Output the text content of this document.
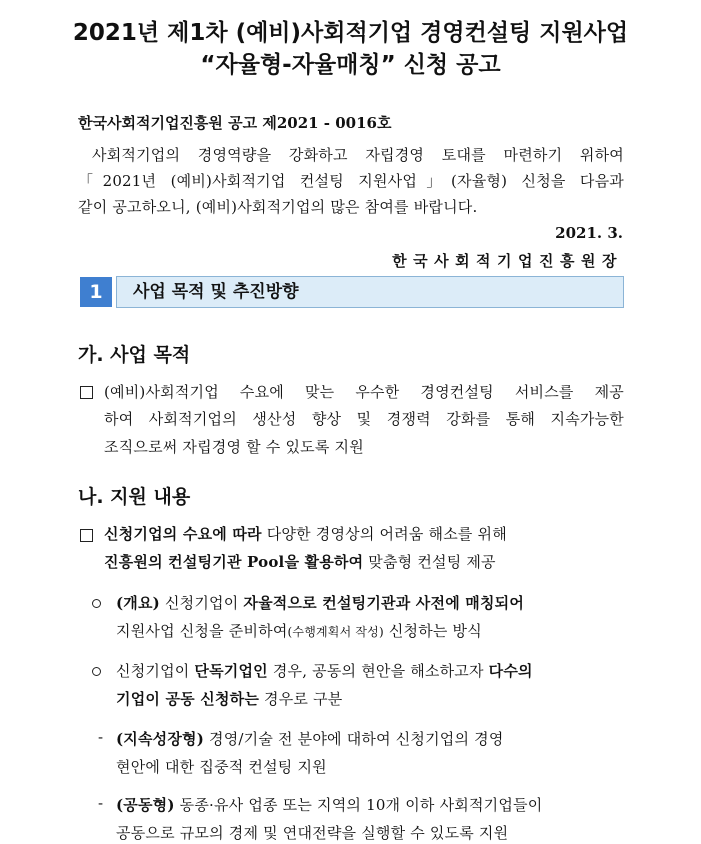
2021년 제1차 (예비)사회적기업 경영컨설팅 지원사업
“자율형-자율매칭” 신청 공고
한국사회적기업진흥원 공고 제2021 - 0016호
사회적기업의 경영역량을 강화하고 자립경영 토대를 마련하기 위하여
「2021년 (예비)사회적기업 컨설팅 지원사업」(자율형) 신청을 다음과
같이 공고하오니, (예비)사회적기업의 많은 참여를 바랍니다.
2021. 3.
한국사회적기업진흥원장
1	사업 목적 및 추진방향
가. 사업 목적
(예비)사회적기업 수요에 맞는 우수한 경영컨설팅 서비스를 제공
하여 사회적기업의 생산성 향상 및 경쟁력 강화를 통해 지속가능한
조직으로써 자립경영 할 수 있도록 지원
나. 지원 내용
신청기업의 수요에 따라 다양한 경영상의 어려움 해소를 위해
진흥원의 컨설팅기관 Pool을 활용하여 맞춤형 컨설팅 제공
(개요) 신청기업이 자율적으로 컨설팅기관과 사전에 매칭되어
지원사업 신청을 준비하여(수행계획서 작성) 신청하는 방식
신청기업이 단독기업인 경우, 공동의 현안을 해소하고자 다수의
기업이 공동 신청하는 경우로 구분
- (지속성장형) 경영/기술 전 분야에 대하여 신청기업의 경영
현안에 대한 집중적 컨설팅 지원
- (공동형) 동종·유사 업종 또는 지역의 10개 이하 사회적기업들이
공동으로 규모의 경제 및 연대전략을 실행할 수 있도록 지원
